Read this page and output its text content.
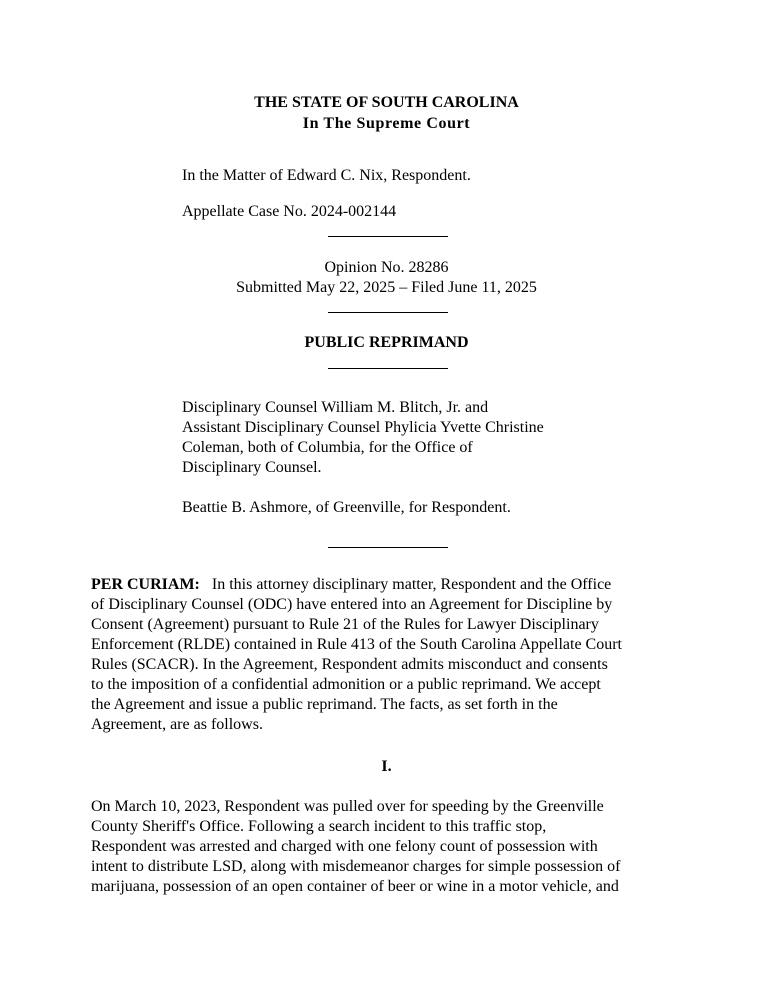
THE STATE OF SOUTH CAROLINA
In The Supreme Court
In the Matter of Edward C. Nix, Respondent.
Appellate Case No. 2024-002144
Opinion No. 28286
Submitted May 22, 2025 – Filed June 11, 2025
PUBLIC REPRIMAND
Disciplinary Counsel William M. Blitch, Jr. and
Assistant Disciplinary Counsel Phylicia Yvette Christine
Coleman, both of Columbia, for the Office of
Disciplinary Counsel.
Beattie B. Ashmore, of Greenville, for Respondent.
PER CURIAM: In this attorney disciplinary matter, Respondent and the Office
of Disciplinary Counsel (ODC) have entered into an Agreement for Discipline by
Consent (Agreement) pursuant to Rule 21 of the Rules for Lawyer Disciplinary
Enforcement (RLDE) contained in Rule 413 of the South Carolina Appellate Court
Rules (SCACR). In the Agreement, Respondent admits misconduct and consents
to the imposition of a confidential admonition or a public reprimand. We accept
the Agreement and issue a public reprimand. The facts, as set forth in the
Agreement, are as follows.
I.
On March 10, 2023, Respondent was pulled over for speeding by the Greenville
County Sheriff's Office. Following a search incident to this traffic stop,
Respondent was arrested and charged with one felony count of possession with
intent to distribute LSD, along with misdemeanor charges for simple possession of
marijuana, possession of an open container of beer or wine in a motor vehicle, and
